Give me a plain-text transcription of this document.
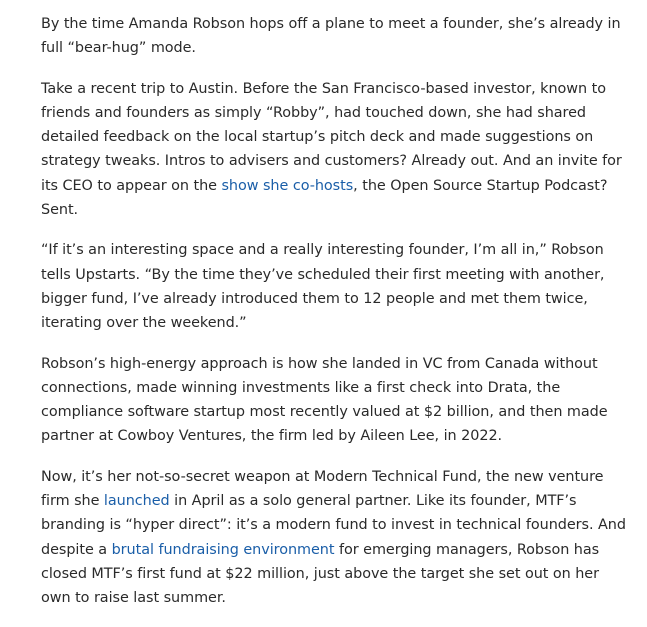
By the time Amanda Robson hops off a plane to meet a founder, she’s already in full “bear-hug” mode.

Take a recent trip to Austin. Before the San Francisco-based investor, known to friends and founders as simply “Robby”, had touched down, she had shared detailed feedback on the local startup’s pitch deck and made suggestions on strategy tweaks. Intros to advisers and customers? Already out. And an invite for its CEO to appear on the show she co-hosts, the Open Source Startup Podcast? Sent.

“If it’s an interesting space and a really interesting founder, I’m all in,” Robson tells Upstarts. “By the time they’ve scheduled their first meeting with another, bigger fund, I’ve already introduced them to 12 people and met them twice, iterating over the weekend.”

Robson’s high-energy approach is how she landed in VC from Canada without connections, made winning investments like a first check into Drata, the compliance software startup most recently valued at $2 billion, and then made partner at Cowboy Ventures, the firm led by Aileen Lee, in 2022.

Now, it’s her not-so-secret weapon at Modern Technical Fund, the new venture firm she launched in April as a solo general partner. Like its founder, MTF’s branding is “hyper direct”: it’s a modern fund to invest in technical founders. And despite a brutal fundraising environment for emerging managers, Robson has closed MTF’s first fund at $22 million, just above the target she set out on her own to raise last summer.
